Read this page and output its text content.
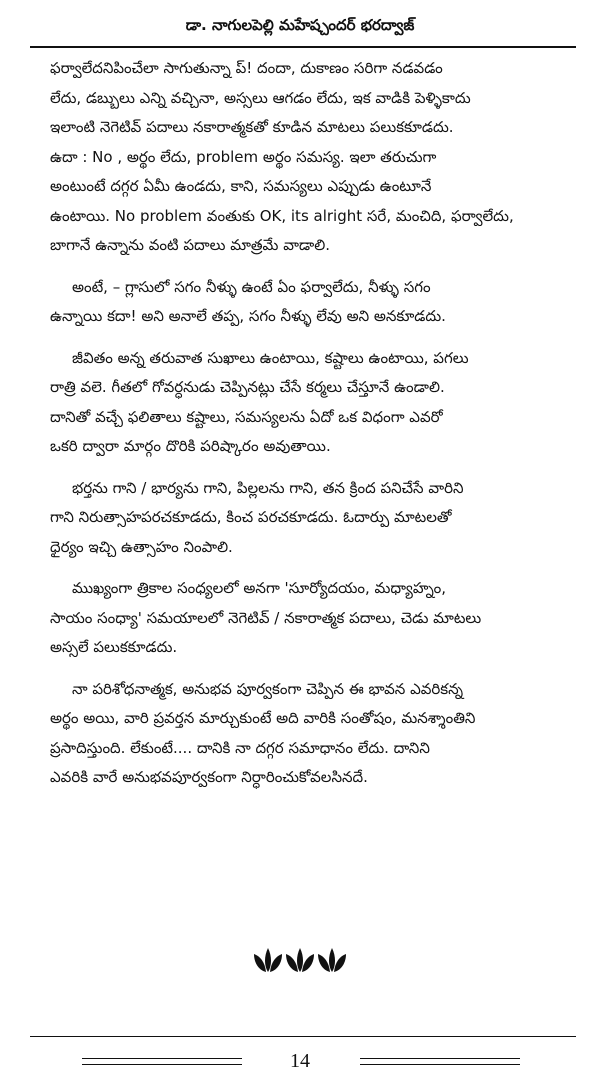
డా. నాగులపెల్లి మహేష్చందర్ భరద్వాజ్

ఫర్వాలేదనిపించేలా సాగుతున్నా ప్! దందా, దుకాణం సరిగా నడవడం
లేదు, డబ్బులు ఎన్ని వచ్చినా, అస్సలు ఆగడం లేదు, ఇక వాడికి పెళ్ళికాదు
ఇలాంటి నెగెటివ్ పదాలు నకారాత్మకతో కూడిన మాటలు పలుకకూడదు.
ఉదా : No , అర్థం లేదు, problem అర్థం సమస్య. ఇలా తరుచుగా
అంటుంటే దగ్గర ఏమీ ఉండదు, కాని, సమస్యలు ఎప్పుడు ఉంటూనే
ఉంటాయి. No problem వంతుకు OK, its alright సరే, మంచిది, ఫర్వాలేదు,
బాగానే ఉన్నాను వంటి పదాలు మాత్రమే వాడాలి.

అంటే, – గ్లాసులో సగం నీళ్ళు ఉంటే ఏం ఫర్వాలేదు, నీళ్ళు సగం
ఉన్నాయి కదా! అని అనాలే తప్ప, సగం నీళ్ళు లేవు అని అనకూడదు.

జీవితం అన్న తరువాత సుఖాలు ఉంటాయి, కష్టాలు ఉంటాయి, పగలు
రాత్రి వలె. గీతలో గోవర్ధనుడు చెప్పినట్లు చేసే కర్మలు చేస్తూనే ఉండాలి.
దానితో వచ్చే ఫలితాలు కష్టాలు, సమస్యలను ఏదో ఒక విధంగా ఎవరో
ఒకరి ద్వారా మార్గం దొరికి పరిష్కారం అవుతాయి.

భర్తను గాని / భార్యను గాని, పిల్లలను గాని, తన క్రింద పనిచేసే వారిని
గాని నిరుత్సాహపరచకూడదు, కించ పరచకూడదు. ఓదార్పు మాటలతో
ధైర్యం ఇచ్చి ఉత్సాహం నింపాలి.

ముఖ్యంగా త్రికాల సంధ్యలలో అనగా 'సూర్యోదయం, మధ్యాహ్నం,
సాయం సంధ్యా' సమయాలలో నెగెటివ్ / నకారాత్మక పదాలు, చెడు మాటలు
అస్సలే పలుకకూడదు.

నా పరిశోధనాత్మక, అనుభవ పూర్వకంగా చెప్పిన ఈ భావన ఎవరికన్న
అర్థం అయి, వారి ప్రవర్తన మార్చుకుంటే అది వారికి సంతోషం, మనశ్శాంతిని
ప్రసాదిస్తుంది. లేకుంటే.... దానికి నా దగ్గర సమాధానం లేదు. దానిని
ఎవరికి వారే అనుభవపూర్వకంగా నిర్ధారించుకోవలసినదే.

14
